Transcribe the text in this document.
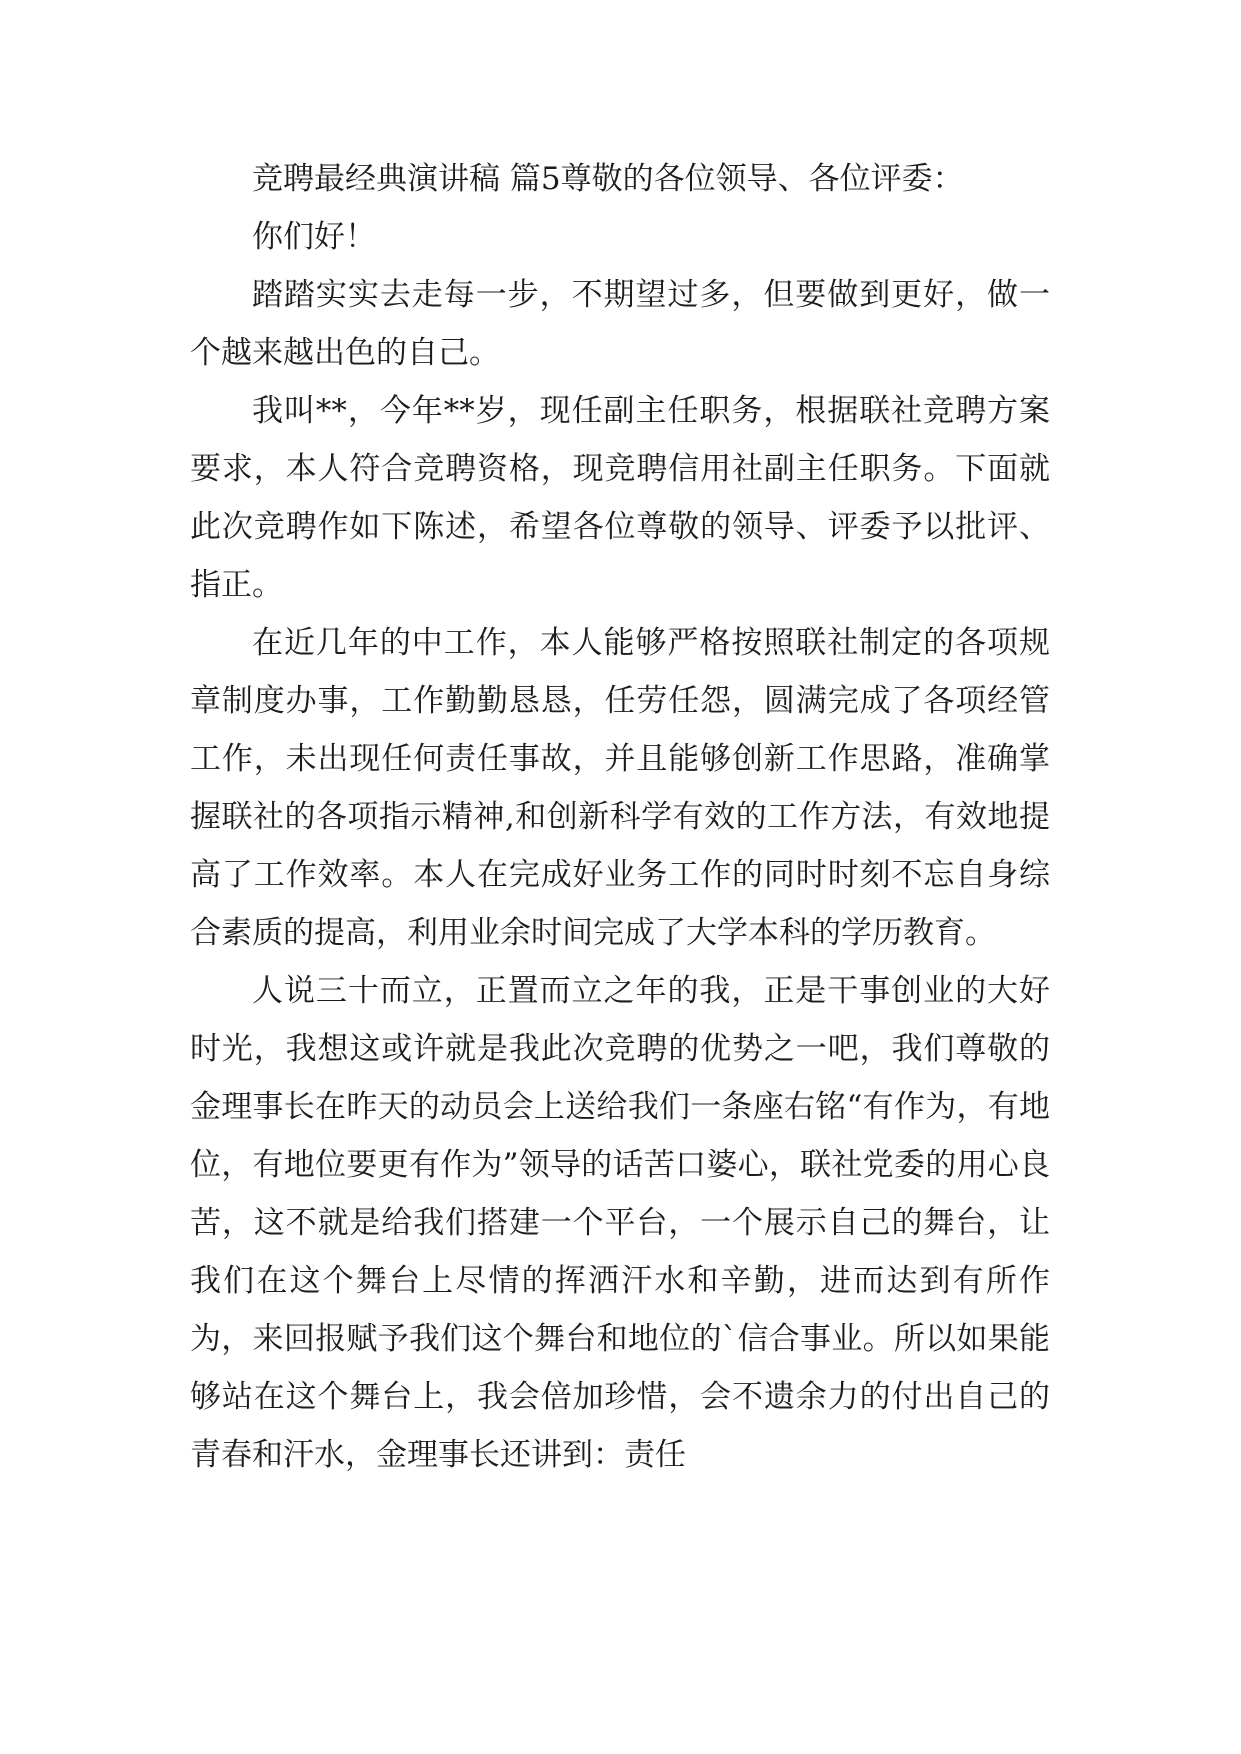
竞聘最经典演讲稿 篇5尊敬的各位领导、各位评委：

你们好！

踏踏实实去走每一步，不期望过多，但要做到更好，做一个越来越出色的自己。

我叫**，今年**岁，现任副主任职务，根据联社竞聘方案要求，本人符合竞聘资格，现竞聘信用社副主任职务。下面就此次竞聘作如下陈述，希望各位尊敬的领导、评委予以批评、指正。

在近几年的中工作，本人能够严格按照联社制定的各项规章制度办事，工作勤勤恳恳，任劳任怨，圆满完成了各项经管工作，未出现任何责任事故，并且能够创新工作思路，准确掌握联社的各项指示精神,和创新科学有效的工作方法，有效地提高了工作效率。本人在完成好业务工作的同时时刻不忘自身综合素质的提高，利用业余时间完成了大学本科的学历教育。

人说三十而立，正置而立之年的我，正是干事创业的大好时光，我想这或许就是我此次竞聘的优势之一吧，我们尊敬的金理事长在昨天的动员会上送给我们一条座右铭“有作为，有地位，有地位要更有作为”领导的话苦口婆心，联社党委的用心良苦，这不就是给我们搭建一个平台，一个展示自己的舞台，让我们在这个舞台上尽情的挥洒汗水和辛勤，进而达到有所作为，来回报赋予我们这个舞台和地位的`信合事业。所以如果能够站在这个舞台上，我会倍加珍惜，会不遗余力的付出自己的青春和汗水，金理事长还讲到：责任
